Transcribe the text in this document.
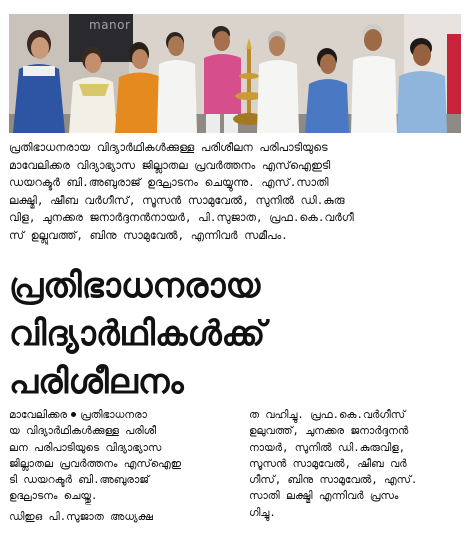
manor

പ്രതിഭാധനരായ വിദ്യാർഥികൾക്കുള്ള പരിശീലന പരിപാടിയുടെ
മാവേലിക്കര വിദ്യാഭ്യാസ ജില്ലാതല പ്രവർത്തനം എസ്ഐഇടി
ഡയറക്ടർ ബി.അബുരാജ് ഉദ്ഘാടനം ചെയ്യുന്നു. എസ്.സാതി
ലക്ഷ്മി, ഷീബ വർഗീസ്, സൂസൻ സാമുവേൽ, സുനിൽ ഡി.കുരു
വിള, ചുനക്കര ജനാർദ്ദനൻനായർ, പി.സുജാത, പ്രഫ.കെ.വർഗീ
സ് ഉല്ലുവത്ത്, ബിനു സാമുവേൽ, എന്നിവർ സമീപം.

പ്രതിഭാധനരായ
വിദ്യാർഥികൾക്ക്
പരിശീലനം
മാവേലിക്കര പ്രതിഭാധനരാ
യ വിദ്യാർഥികൾക്കുള്ള പരിശീ
ലന പരിപാടിയുടെ വിദ്യാഭ്യാസ
ജില്ലാതല പ്രവർത്തനം എസ്ഐഇ
ടി ഡയറക്ടർ ബി.അബുരാജ്
ഉദ്ഘാടനം ചെയ്തു.
ഡിഇഒ പി.സുജാത അധ്യക്ഷ
ത വഹിച്ചു. പ്രഫ.കെ.വർഗീസ്
ഉലുവത്ത്, ചുനക്കര ജനാർദ്ദനൻ
നായർ, സുനിൽ ഡി.കുരുവിള,
സൂസൻ സാമുവേൽ, ഷീബ വർ
ഗീസ്, ബിനു സാമുവേൽ, എസ്.
സാതി ലക്ഷ്മി എന്നിവർ പ്രസം
ഗിച്ചു.
